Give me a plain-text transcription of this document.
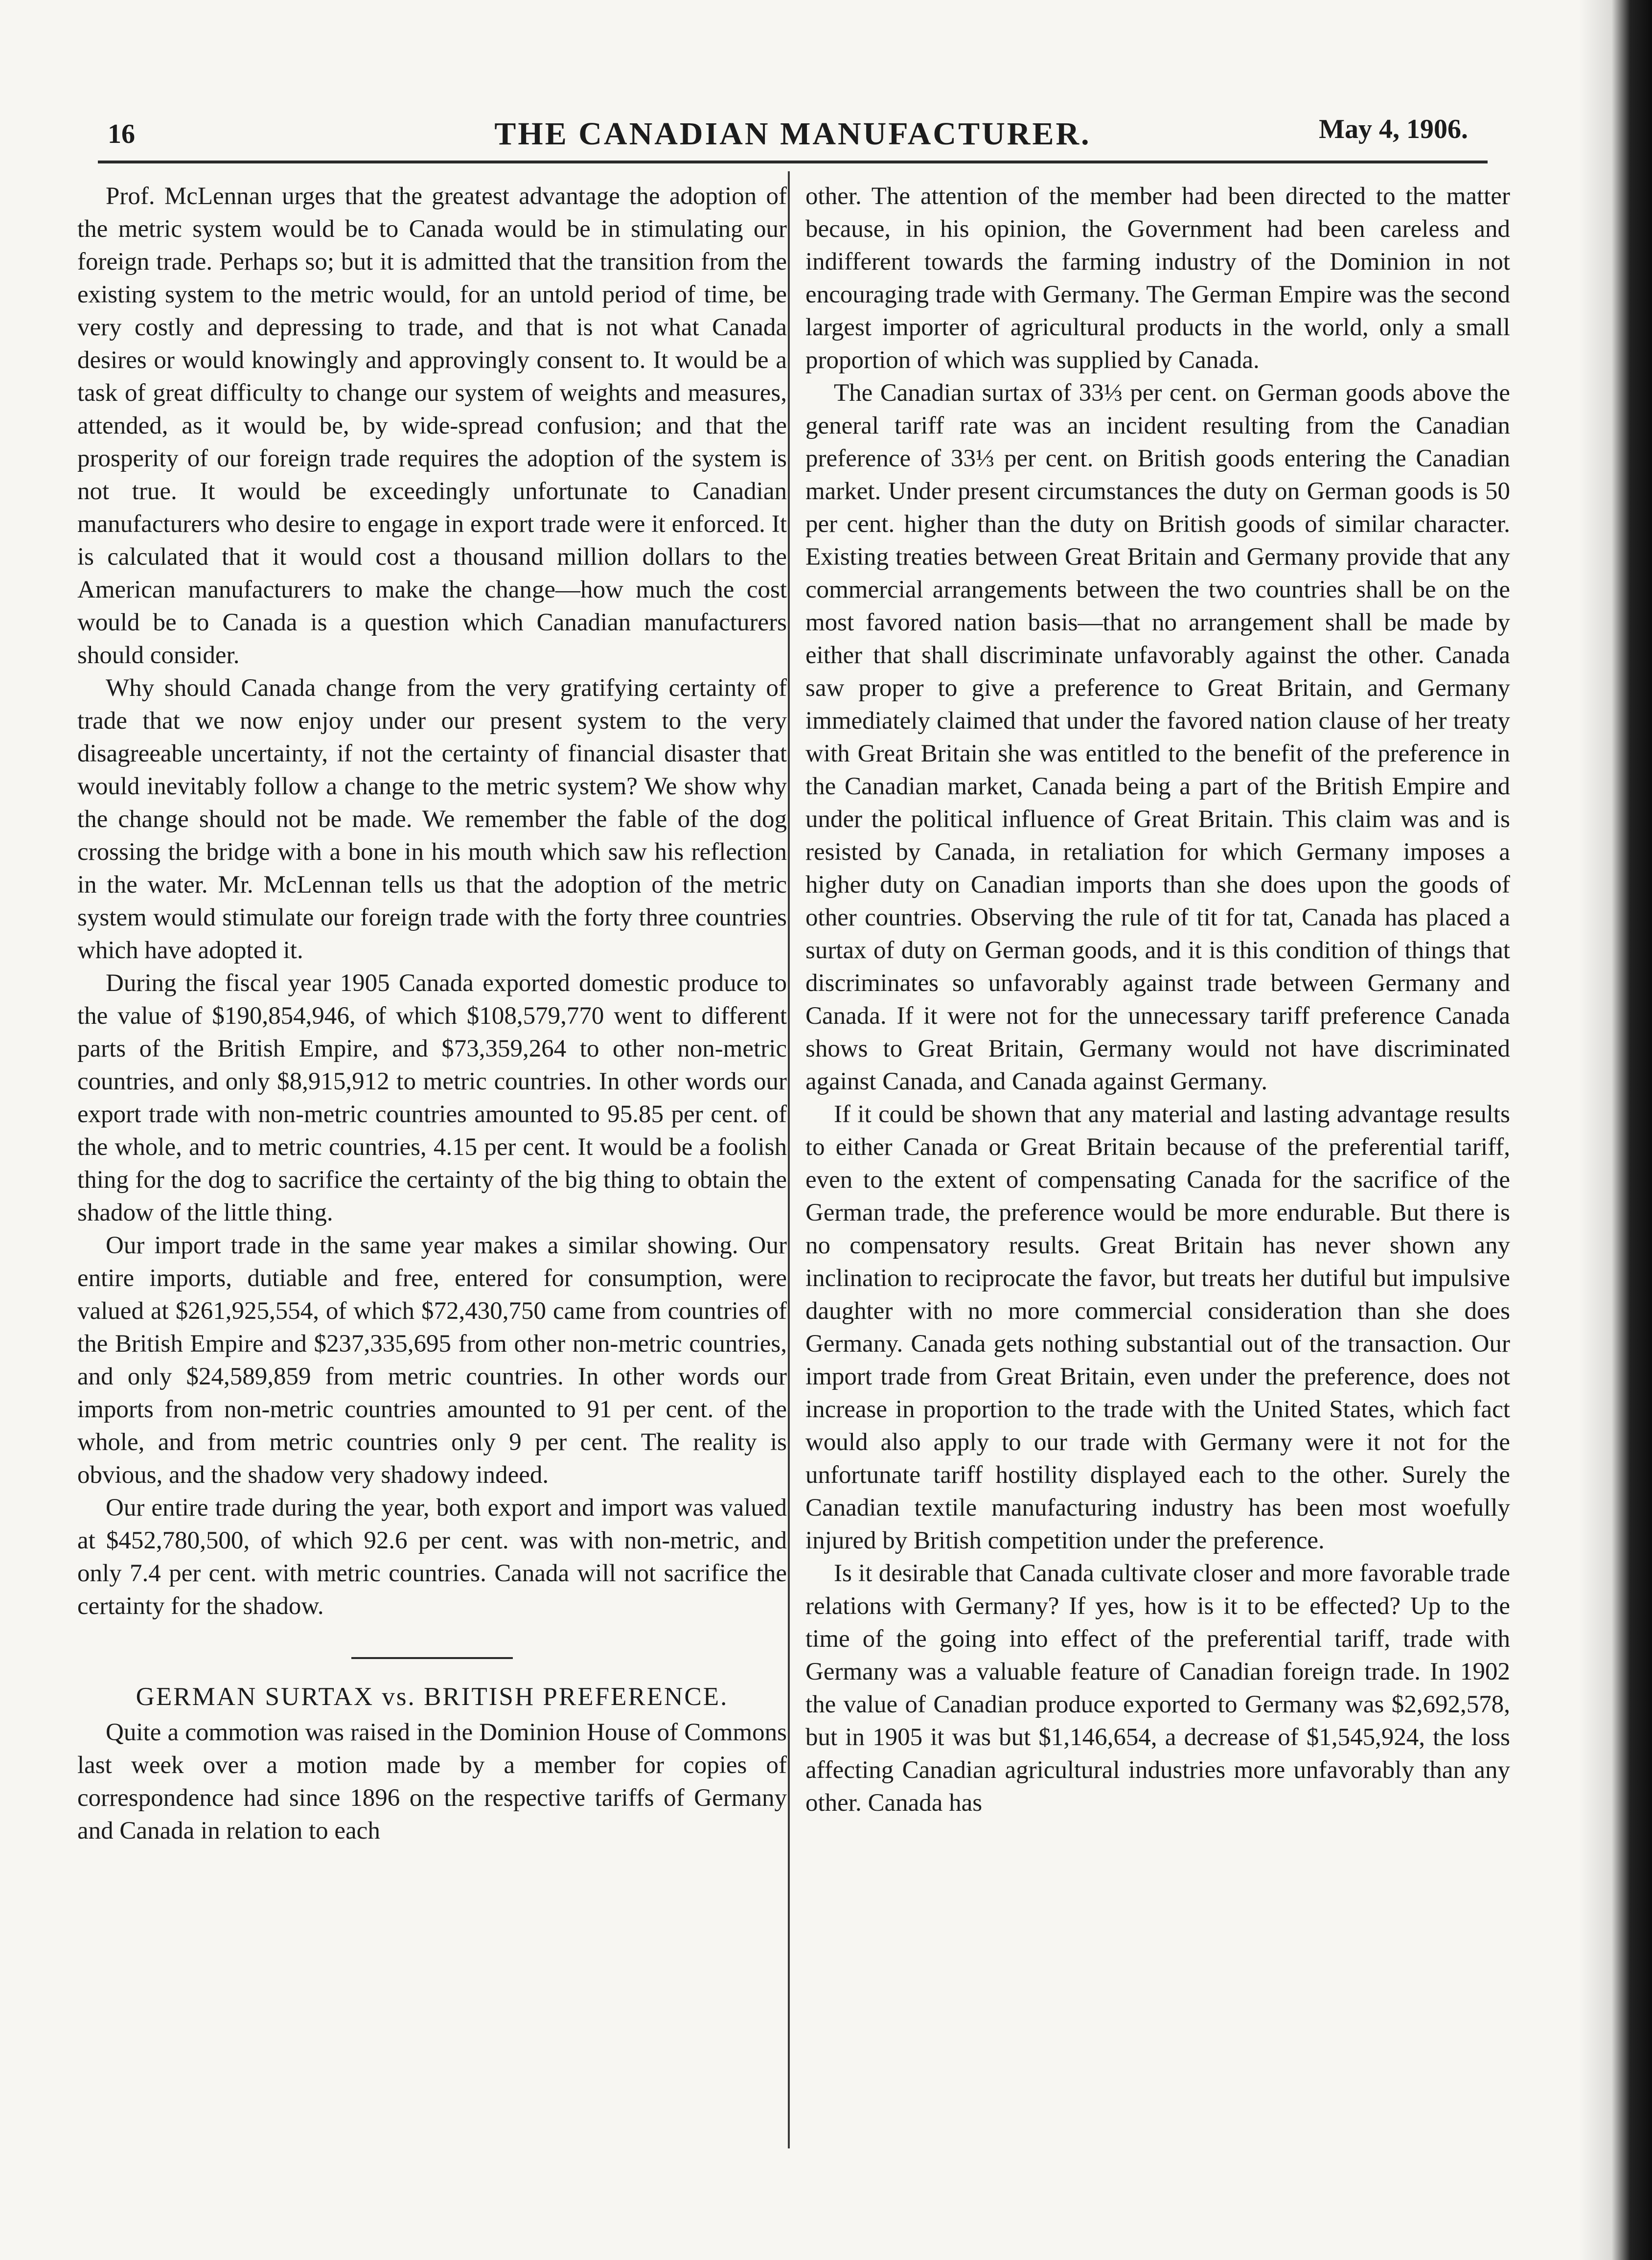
16	THE CANADIAN MANUFACTURER.	May 4, 1906.

Prof. McLennan urges that the greatest advantage the adoption of the metric system would be to Canada would be in stimulating our foreign trade. Perhaps so; but it is admitted that the transition from the existing system to the metric would, for an untold period of time, be very costly and depressing to trade, and that is not what Canada desires or would knowingly and approvingly consent to. It would be a task of great difficulty to change our system of weights and measures, attended, as it would be, by wide-spread confusion; and that the prosperity of our foreign trade requires the adoption of the system is not true. It would be exceedingly unfortunate to Canadian manufacturers who desire to engage in export trade were it enforced. It is calculated that it would cost a thousand million dollars to the American manufacturers to make the change—how much the cost would be to Canada is a question which Canadian manufacturers should consider.

Why should Canada change from the very gratifying certainty of trade that we now enjoy under our present system to the very disagreeable uncertainty, if not the certainty of financial disaster that would inevitably follow a change to the metric system? We show why the change should not be made. We remember the fable of the dog crossing the bridge with a bone in his mouth which saw his reflection in the water. Mr. McLennan tells us that the adoption of the metric system would stimulate our foreign trade with the forty three countries which have adopted it.

During the fiscal year 1905 Canada exported domestic produce to the value of $190,854,946, of which $108,579,770 went to different parts of the British Empire, and $73,359,264 to other non-metric countries, and only $8,915,912 to metric countries. In other words our export trade with non-metric countries amounted to 95.85 per cent. of the whole, and to metric countries, 4.15 per cent. It would be a foolish thing for the dog to sacrifice the certainty of the big thing to obtain the shadow of the little thing.

Our import trade in the same year makes a similar showing. Our entire imports, dutiable and free, entered for consumption, were valued at $261,925,554, of which $72,430,750 came from countries of the British Empire and $237,335,695 from other non-metric countries, and only $24,589,859 from metric countries. In other words our imports from non-metric countries amounted to 91 per cent. of the whole, and from metric countries only 9 per cent. The reality is obvious, and the shadow very shadowy indeed.

Our entire trade during the year, both export and import was valued at $452,780,500, of which 92.6 per cent. was with non-metric, and only 7.4 per cent. with metric countries. Canada will not sacrifice the certainty for the shadow.

GERMAN SURTAX vs. BRITISH PREFERENCE.

Quite a commotion was raised in the Dominion House of Commons last week over a motion made by a member for copies of correspondence had since 1896 on the respective tariffs of Germany and Canada in relation to each

other. The attention of the member had been directed to the matter because, in his opinion, the Government had been careless and indifferent towards the farming industry of the Dominion in not encouraging trade with Germany. The German Empire was the second largest importer of agricultural products in the world, only a small proportion of which was supplied by Canada.

The Canadian surtax of 33⅓ per cent. on German goods above the general tariff rate was an incident resulting from the Canadian preference of 33⅓ per cent. on British goods entering the Canadian market. Under present circumstances the duty on German goods is 50 per cent. higher than the duty on British goods of similar character. Existing treaties between Great Britain and Germany provide that any commercial arrangements between the two countries shall be on the most favored nation basis—that no arrangement shall be made by either that shall discriminate unfavorably against the other. Canada saw proper to give a preference to Great Britain, and Germany immediately claimed that under the favored nation clause of her treaty with Great Britain she was entitled to the benefit of the preference in the Canadian market, Canada being a part of the British Empire and under the political influence of Great Britain. This claim was and is resisted by Canada, in retaliation for which Germany imposes a higher duty on Canadian imports than she does upon the goods of other countries. Observing the rule of tit for tat, Canada has placed a surtax of duty on German goods, and it is this condition of things that discriminates so unfavorably against trade between Germany and Canada. If it were not for the unnecessary tariff preference Canada shows to Great Britain, Germany would not have discriminated against Canada, and Canada against Germany.

If it could be shown that any material and lasting advantage results to either Canada or Great Britain because of the preferential tariff, even to the extent of compensating Canada for the sacrifice of the German trade, the preference would be more endurable. But there is no compensatory results. Great Britain has never shown any inclination to reciprocate the favor, but treats her dutiful but impulsive daughter with no more commercial consideration than she does Germany. Canada gets nothing substantial out of the transaction. Our import trade from Great Britain, even under the preference, does not increase in proportion to the trade with the United States, which fact would also apply to our trade with Germany were it not for the unfortunate tariff hostility displayed each to the other. Surely the Canadian textile manufacturing industry has been most woefully injured by British competition under the preference.

Is it desirable that Canada cultivate closer and more favorable trade relations with Germany? If yes, how is it to be effected? Up to the time of the going into effect of the preferential tariff, trade with Germany was a valuable feature of Canadian foreign trade. In 1902 the value of Canadian produce exported to Germany was $2,692,578, but in 1905 it was but $1,146,654, a decrease of $1,545,924, the loss affecting Canadian agricultural industries more unfavorably than any other. Canada has
